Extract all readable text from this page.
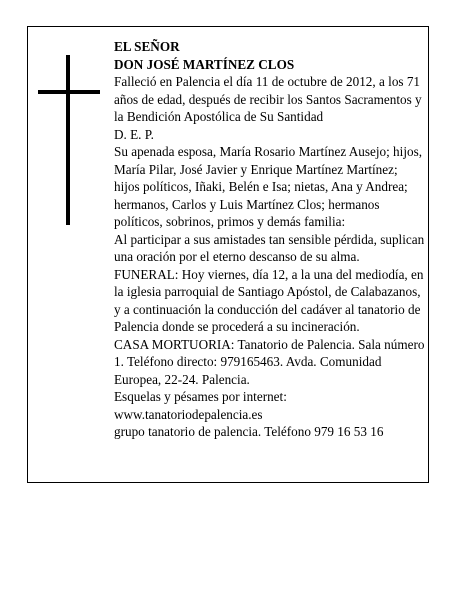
EL SEÑOR

DON JOSÉ MARTÍNEZ CLOS

Falleció en Palencia el día 11 de octubre de 2012, a los 71 años de edad, después de recibir los Santos Sacramentos y la Bendición Apostólica de Su Santidad

D. E. P.

Su apenada esposa, María Rosario Martínez Ausejo; hijos, María Pilar, José Javier y Enrique Martínez Martínez; hijos políticos, Iñaki, Belén e Isa; nietas, Ana y Andrea; hermanos, Carlos y Luis Martínez Clos; hermanos políticos, sobrinos, primos y demás familia:

Al participar a sus amistades tan sensible pérdida, suplican una oración por el eterno descanso de su alma.

FUNERAL: Hoy viernes, día 12, a la una del mediodía, en la iglesia parroquial de Santiago Apóstol, de Calabazanos, y a continuación la conducción del cadáver al tanatorio de Palencia donde se procederá a su incineración.

CASA MORTUORIA: Tanatorio de Palencia. Sala número 1. Teléfono directo: 979165463. Avda. Comunidad Europea, 22-24. Palencia.

Esquelas y pésames por internet:

www.tanatoriodepalencia.es

grupo tanatorio de palencia. Teléfono 979 16 53 16
